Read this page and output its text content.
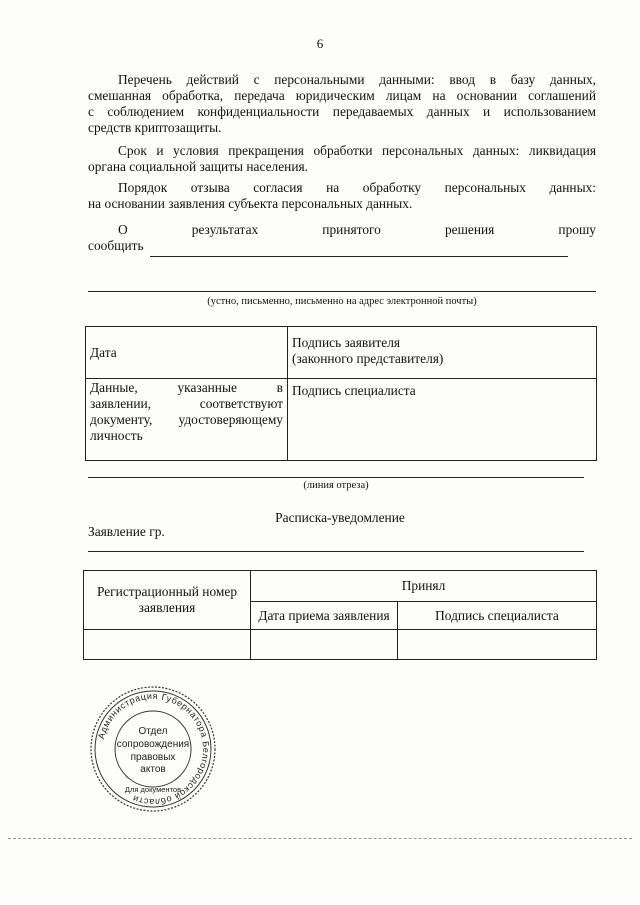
6
Перечень действий с персональными данными: ввод в базу данных,
смешанная обработка, передача юридическим лицам на основании соглашений
с соблюдением конфиденциальности передаваемых данных и использованием
средств криптозащиты.
Срок и условия прекращения обработки персональных данных: ликвидация
органа социальной защиты населения.
Порядок отзыва согласия на обработку персональных данных:
на основании заявления субъекта персональных данных.
О результатах принятого решения прошу
сообщить
(устно, письменно, письменно на адрес электронной почты)
Дата	Подпись заявителя
(законного представителя)

Данные, указанные в
заявлении, соответствуют
документу, удостоверяющему
личность	Подпись специалиста
(линия отреза)
Расписка-уведомление
Заявление гр.
Регистрационный номер
заявления	Принял	
	Дата приема заявления	Подпись специалиста

Администрация Губернатора Белгородской области
Для документов
Отдел
сопровождения
правовых
актов
